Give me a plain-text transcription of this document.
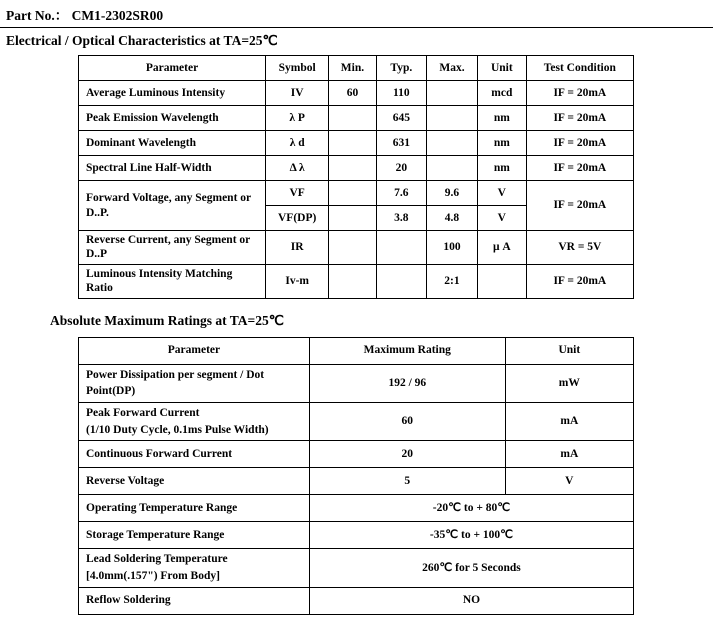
Part No.： CM1-2302SR00
Electrical / Optical Characteristics at TA=25℃
Parameter	Symbol	Min.	Typ.	Max.	Unit	Test Condition
Average Luminous Intensity	IV	60	110		mcd	IF = 20mA
Peak Emission Wavelength	λ P		645		nm	IF = 20mA
Dominant Wavelength	λ d		631		nm	IF = 20mA
Spectral Line Half-Width	Δ λ		20		nm	IF = 20mA
Forward Voltage, any Segment or D..P.	VF		7.6	9.6	V	IF = 20mA
	VF(DP)		3.8	4.8	V	
Reverse Current, any Segment or D..P	IR			100	μ A	VR = 5V
Luminous Intensity Matching Ratio	Iv-m			2:1		IF = 20mA
Absolute Maximum Ratings at TA=25℃
Parameter	Maximum Rating	Unit

Power Dissipation per segment / Dot
Point(DP)	192 / 96	mW

Peak Forward Current
(1/10 Duty Cycle, 0.1ms Pulse Width)	60	mA
Continuous Forward Current	20	mA
Reverse Voltage	5	V
Operating Temperature Range	-20℃ to + 80℃	
Storage Temperature Range	-35℃ to + 100℃	

Lead Soldering Temperature
[4.0mm(.157") From Body]	260℃ for 5 Seconds	
Reflow Soldering	NO	
